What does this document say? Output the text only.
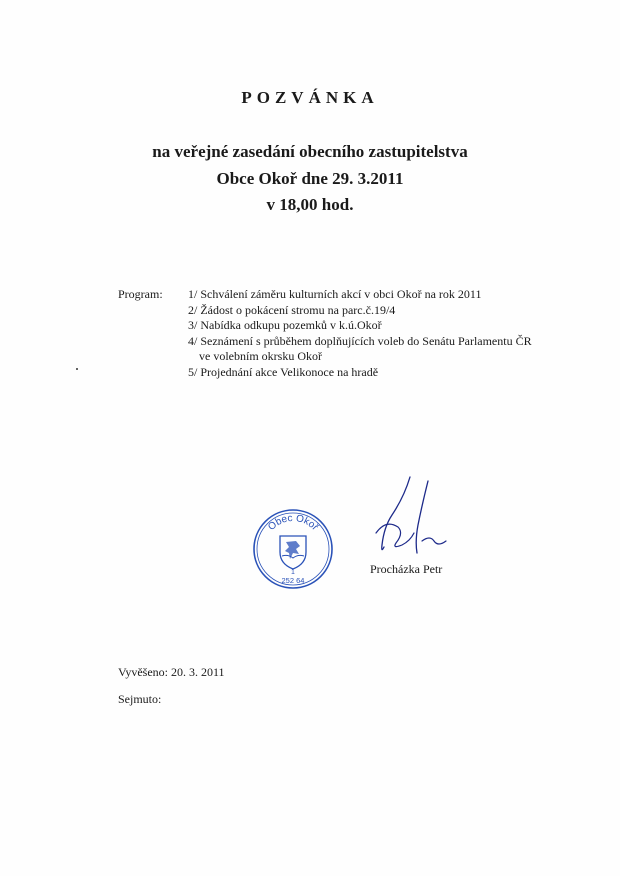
POZVÁNKA
na veřejné zasedání obecního zastupitelstva
Obce Okoř dne 29. 3.2011
v 18,00 hod.
Program: 1/ Schválení záměru kulturních akcí v obci Okoř na rok 2011
2/ Žádost o pokácení stromu na parc.č.19/4
3/ Nabídka odkupu pozemků v k.ú.Okoř
4/ Seznámení s průběhem doplňujících voleb do Senátu Parlamentu ČR
ve volebním okrsku Okoř
5/ Projednání akce Velikonoce na hradě
Obec Okoř
1
252 64
Procházka Petr
Vyvěšeno: 20. 3. 2011
Sejmuto:
